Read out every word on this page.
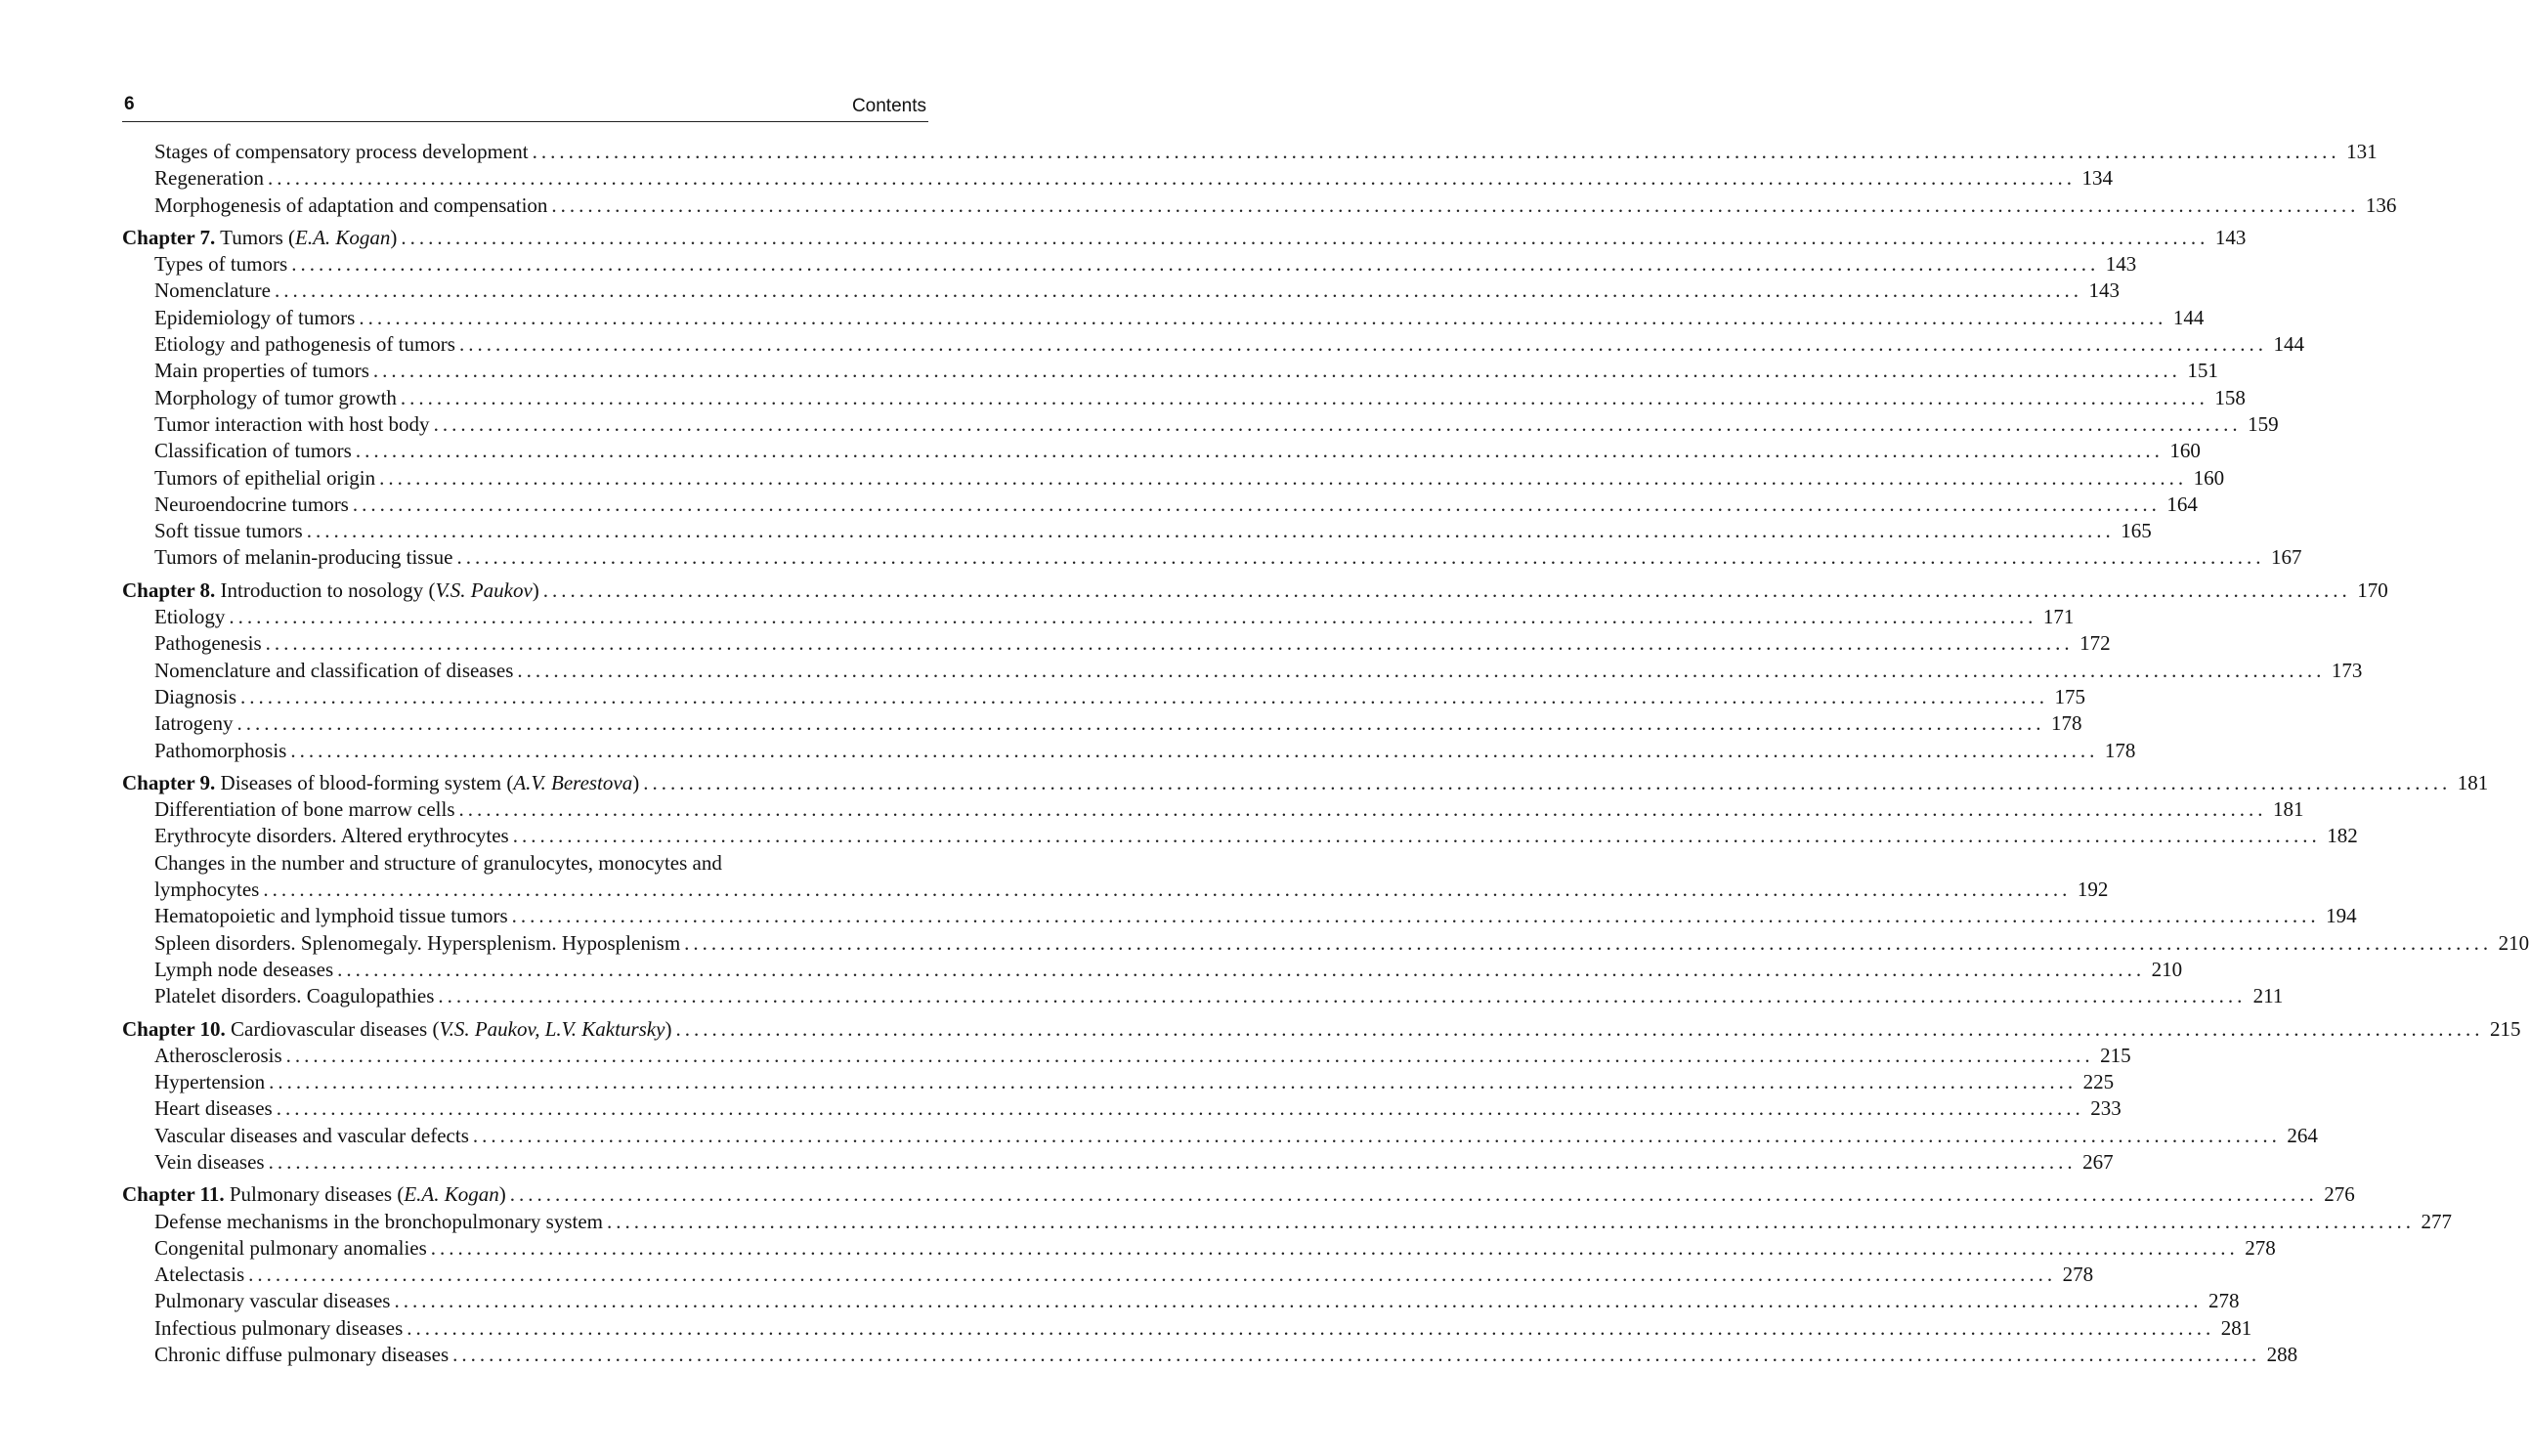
6	Contents
Stages of compensatory process development ........................................................................................................................................................................................................ 131
Regeneration ........................................................................................................................................................................................................ 134
Morphogenesis of adaptation and compensation ........................................................................................................................................................................................................ 136
Chapter 7. Tumors (E.A. Kogan) ........................................................................................................................................................................................................ 143
Types of tumors ........................................................................................................................................................................................................ 143
Nomenclature ........................................................................................................................................................................................................ 143
Epidemiology of tumors ........................................................................................................................................................................................................ 144
Etiology and pathogenesis of tumors ........................................................................................................................................................................................................ 144
Main properties of tumors ........................................................................................................................................................................................................ 151
Morphology of tumor growth ........................................................................................................................................................................................................ 158
Tumor interaction with host body ........................................................................................................................................................................................................ 159
Classification of tumors ........................................................................................................................................................................................................ 160
Tumors of epithelial origin ........................................................................................................................................................................................................ 160
Neuroendocrine tumors ........................................................................................................................................................................................................ 164
Soft tissue tumors ........................................................................................................................................................................................................ 165
Tumors of melanin-producing tissue ........................................................................................................................................................................................................ 167
Chapter 8. Introduction to nosology (V.S. Paukov) ........................................................................................................................................................................................................ 170
Etiology ........................................................................................................................................................................................................ 171
Pathogenesis ........................................................................................................................................................................................................ 172
Nomenclature and classification of diseases ........................................................................................................................................................................................................ 173
Diagnosis ........................................................................................................................................................................................................ 175
Iatrogeny ........................................................................................................................................................................................................ 178
Pathomorphosis ........................................................................................................................................................................................................ 178
Chapter 9. Diseases of blood-forming system (A.V. Berestova) ........................................................................................................................................................................................................ 181
Differentiation of bone marrow cells ........................................................................................................................................................................................................ 181
Erythrocyte disorders. Altered erythrocytes ........................................................................................................................................................................................................ 182
Changes in the number and structure of granulocytes, monocytes and
lymphocytes ........................................................................................................................................................................................................ 192
Hematopoietic and lymphoid tissue tumors ........................................................................................................................................................................................................ 194
Spleen disorders. Splenomegaly. Hypersplenism. Hyposplenism ........................................................................................................................................................................................................ 210
Lymph node deseases ........................................................................................................................................................................................................ 210
Platelet disorders. Coagulopathies ........................................................................................................................................................................................................ 211
Chapter 10. Cardiovascular diseases (V.S. Paukov, L.V. Kaktursky) ........................................................................................................................................................................................................ 215
Atherosclerosis ........................................................................................................................................................................................................ 215
Hypertension ........................................................................................................................................................................................................ 225
Heart diseases ........................................................................................................................................................................................................ 233
Vascular diseases and vascular defects ........................................................................................................................................................................................................ 264
Vein diseases ........................................................................................................................................................................................................ 267
Chapter 11. Pulmonary diseases (E.A. Kogan) ........................................................................................................................................................................................................ 276
Defense mechanisms in the bronchopulmonary system ........................................................................................................................................................................................................ 277
Congenital pulmonary anomalies ........................................................................................................................................................................................................ 278
Atelectasis ........................................................................................................................................................................................................ 278
Pulmonary vascular diseases ........................................................................................................................................................................................................ 278
Infectious pulmonary diseases ........................................................................................................................................................................................................ 281
Chronic diffuse pulmonary diseases ........................................................................................................................................................................................................ 288
